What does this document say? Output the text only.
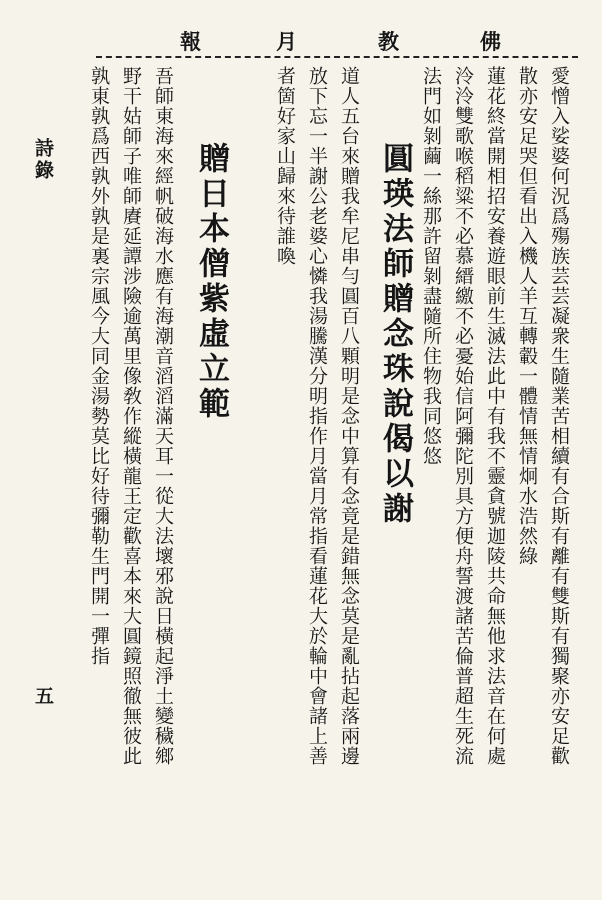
報	月	教	佛
愛憎入娑婆何況爲殤族芸芸凝衆生隨業苦相續有合斯有離有雙斯有獨聚亦安足歡
散亦安足哭但看出入機人羊互轉轂一體情無情炯水浩然綠
蓮花終當開相招安養遊眼前生滅法此中有我不靈貪號迦陵共命無他求法音在何處
泠泠雙歌喉稻粱不必慕縉繳不必憂始信阿彌陀別具方便舟誓渡諸苦倫普超生死流
法門如剝繭一絲那許留剝盡隨所住物我同悠悠
圓瑛法師贈念珠說偈以謝
道人五台來贈我牟尼串勻圓百八顆明是念中算有念竟是錯無念莫是亂拈起落兩邊
放下忘一半謝公老婆心憐我湯騰漢分明指作月當月常指看蓮花大於輪中會諸上善
者箇好家山歸來待誰喚
贈日本僧紫虛立範
吾師東海來經帆破海水應有海潮音滔滔滿天耳一從大法壞邪說日橫起淨土變穢鄉
野干姑師子唯師賡延譚涉險逾萬里像敎作縱橫龍王定歡喜本來大圓鏡照徹無彼此
孰東孰爲西孰外孰是裏宗風今大同金湯勢莫比好待彌勒生門開一彈指
詩錄
五
